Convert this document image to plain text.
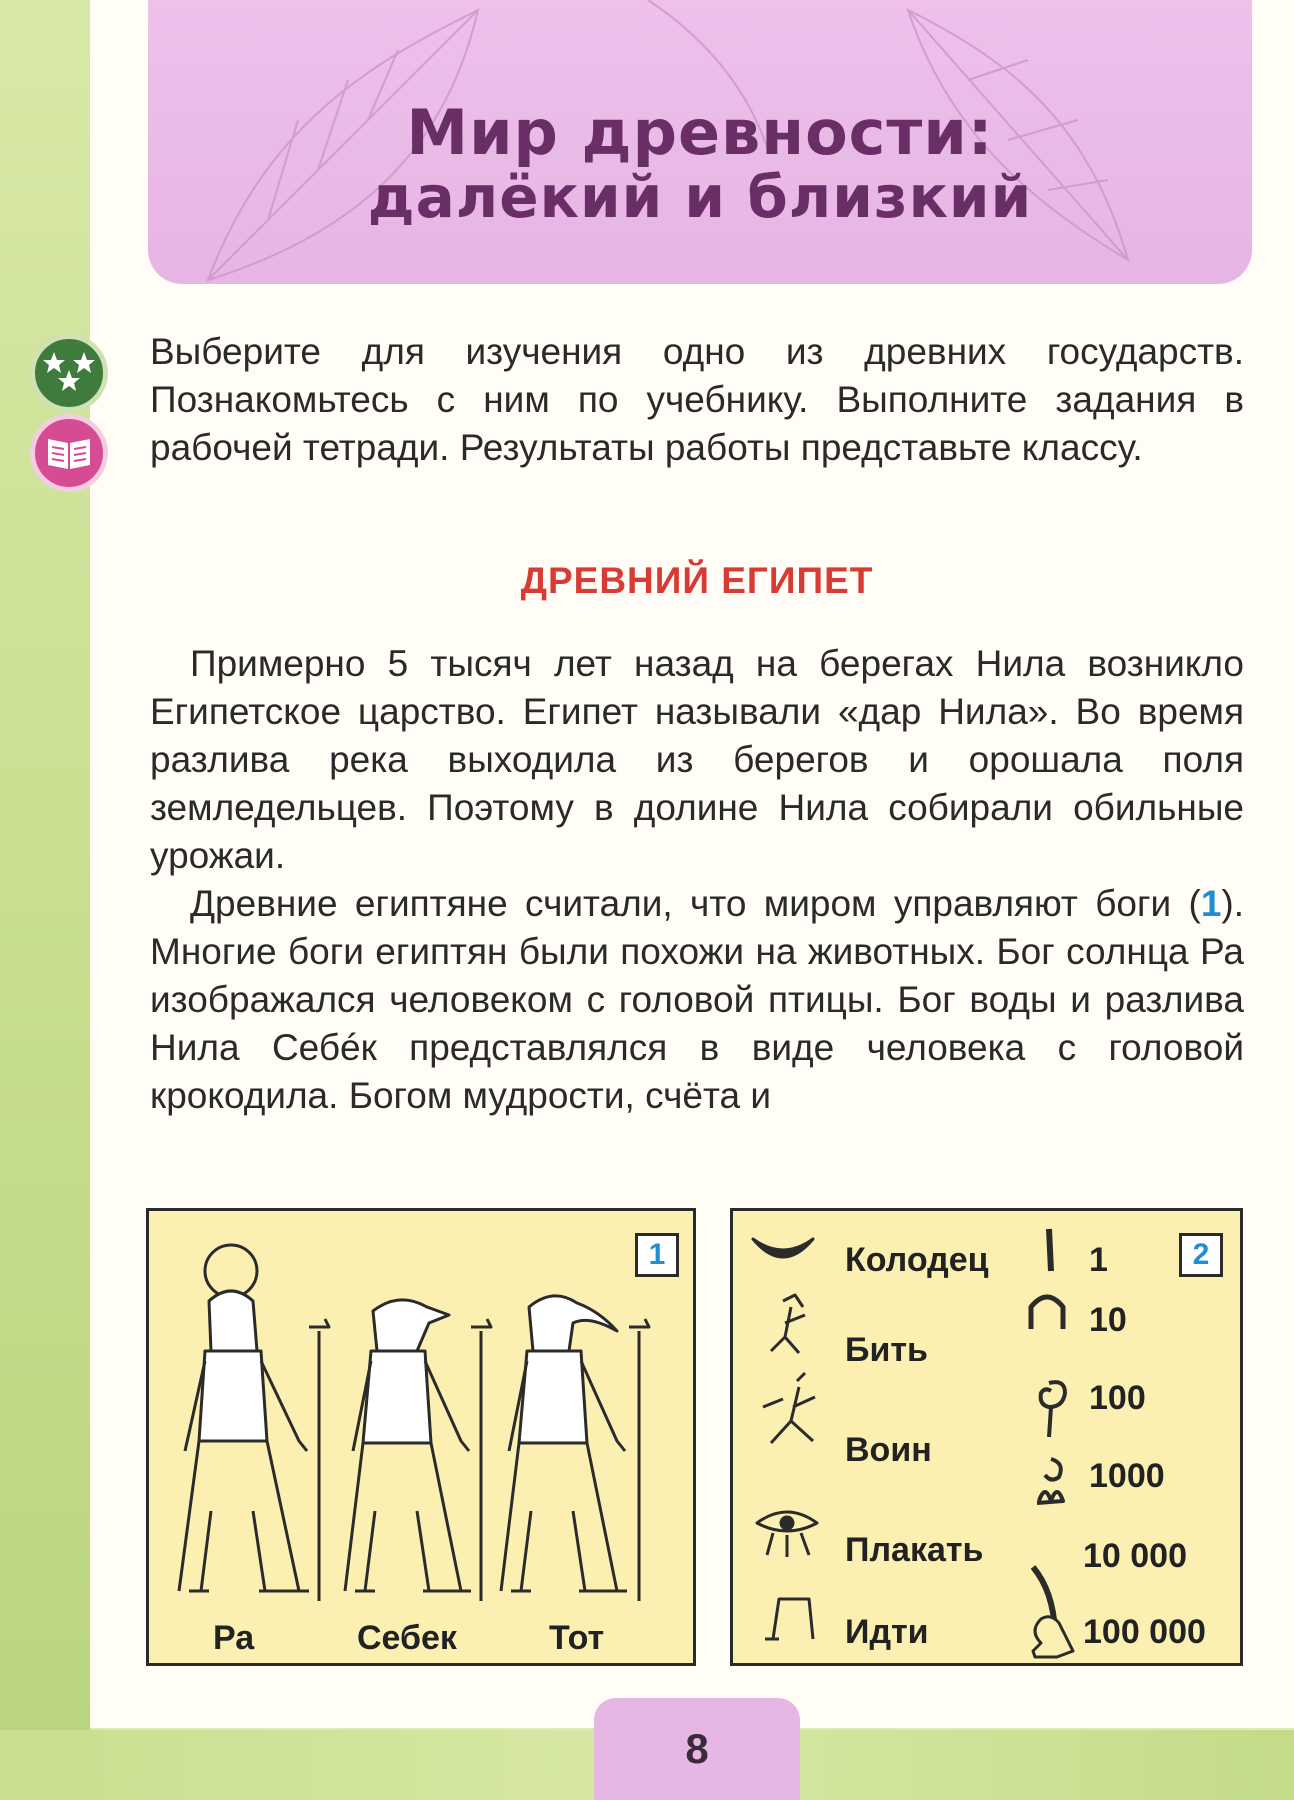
Мир древности:
далёкий и близкий
Выберите для изучения одно из древних государств. Познакомьтесь с ним по учебнику. Выполните задания в рабочей тетради. Результаты работы представьте классу.
ДРЕВНИЙ ЕГИПЕТ
Примерно 5 тысяч лет назад на берегах Нила возникло Египетское царство. Египет называли «дар Нила». Во время разлива река выходила из берегов и орошала поля земледельцев. Поэтому в долине Нила собирали обильные урожаи.
Древние египтяне считали, что миром управляют боги (1). Многие боги египтян были похожи на животных. Бог солнца Ра изображался человеком с головой птицы. Бог воды и разлива Нила Себéк представлялся в виде человека с головой крокодила. Богом мудрости, счёта и
1
Ра	Себек	Тот
2
Колодец
Бить
Воин
Плакать
Идти
1
10
100
1000
10 000
100 000
8
